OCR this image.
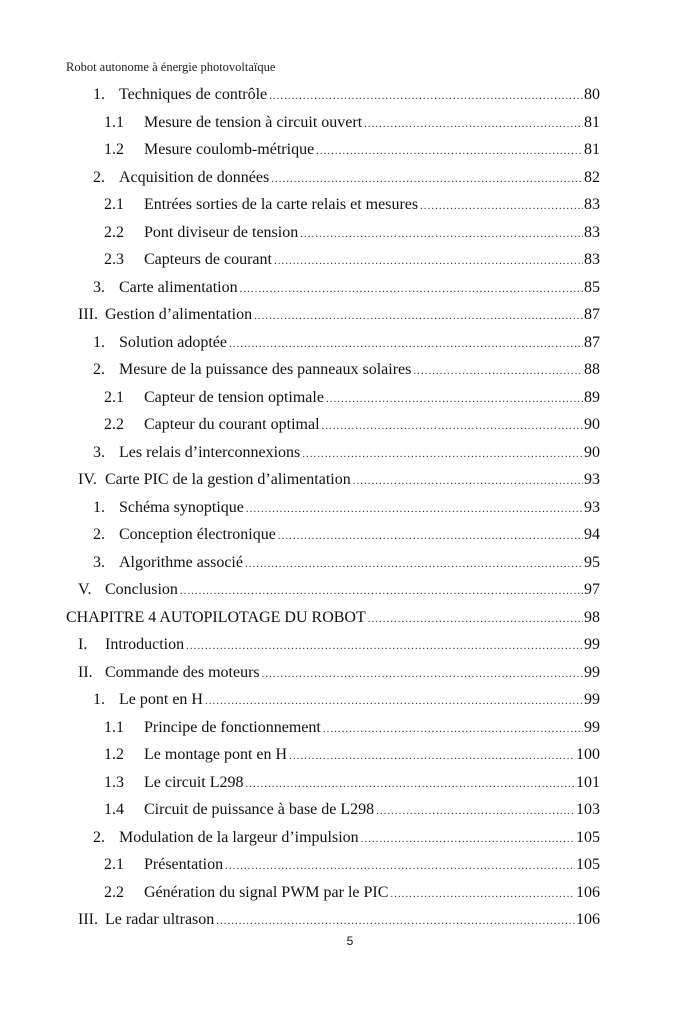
Robot autonome à énergie photovoltaïque
1. Techniques de contrôle .....	80
1.1	Mesure de tension à circuit ouvert .....	81
1.2	Mesure coulomb-métrique .....	81
2. Acquisition de données .....	82
2.1	Entrées sorties de la carte relais et mesures .....	83
2.2	Pont diviseur de tension .....	83
2.3	Capteurs de courant .....	83
3. Carte alimentation .....	85
III. Gestion d’alimentation .....	87
1. Solution adoptée .....	87
2. Mesure de la puissance des panneaux solaires .....	88
2.1	Capteur de tension optimale .....	89
2.2	Capteur du courant optimal .....	90
3. Les relais d’interconnexions .....	90
IV. Carte PIC de la gestion d’alimentation .....	93
1. Schéma synoptique .....	93
2. Conception électronique .....	94
3. Algorithme associé .....	95
V. Conclusion .....	97
CHAPITRE 4 AUTOPILOTAGE DU ROBOT .....	98
I.	Introduction .....	99
II. Commande des moteurs .....	99
1. Le pont en H .....	99
1.1	Principe de fonctionnement .....	99
1.2	Le montage pont en H .....	100
1.3	Le circuit L298 .....	101
1.4	Circuit de puissance à base de L298 .....	103
2. Modulation de la largeur d’impulsion .....	105
2.1	Présentation .....	105
2.2	Génération du signal PWM par le PIC .....	106
III. Le radar ultrason .....	106
5
